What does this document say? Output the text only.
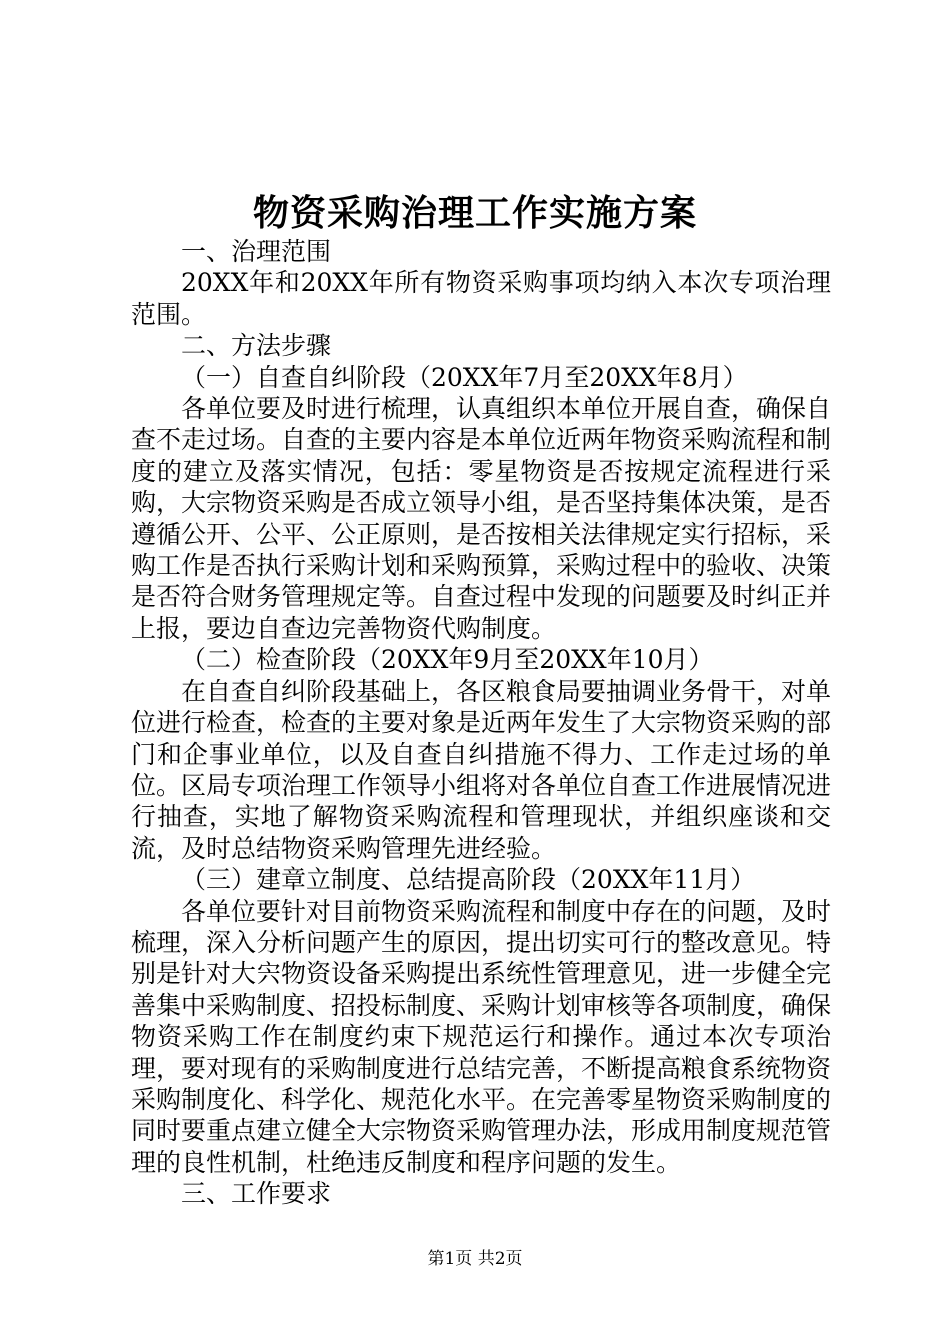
物资采购治理工作实施方案

一、治理范围

20XX年和20XX年所有物资采购事项均纳入本次专项治理范围。

二、方法步骤

（一）自查自纠阶段（20XX年7月至20XX年8月）

各单位要及时进行梳理，认真组织本单位开展自查，确保自查不走过场。自查的主要内容是本单位近两年物资采购流程和制度的建立及落实情况，包括：零星物资是否按规定流程进行采购，大宗物资采购是否成立领导小组，是否坚持集体决策，是否遵循公开、公平、公正原则，是否按相关法律规定实行招标，采购工作是否执行采购计划和采购预算，采购过程中的验收、决策是否符合财务管理规定等。自查过程中发现的问题要及时纠正并上报，要边自查边完善物资代购制度。

（二）检查阶段（20XX年9月至20XX年10月）

在自查自纠阶段基础上，各区粮食局要抽调业务骨干，对单位进行检查，检查的主要对象是近两年发生了大宗物资采购的部门和企事业单位，以及自查自纠措施不得力、工作走过场的单位。区局专项治理工作领导小组将对各单位自查工作进展情况进行抽查，实地了解物资采购流程和管理现状，并组织座谈和交流，及时总结物资采购管理先进经验。

（三）建章立制度、总结提高阶段（20XX年11月）

各单位要针对目前物资采购流程和制度中存在的问题，及时梳理，深入分析问题产生的原因，提出切实可行的整改意见。特别是针对大宍物资设备采购提出系统性管理意见，进一步健全完善集中采购制度、招投标制度、采购计划审核等各项制度，确保物资采购工作在制度约束下规范运行和操作。通过本次专项治理，要对现有的采购制度进行总结完善，不断提高粮食系统物资采购制度化、科学化、规范化水平。在完善零星物资采购制度的同时要重点建立健全大宗物资采购管理办法，形成用制度规范管理的良性机制，杜绝违反制度和程序问题的发生。

三、工作要求

第1页 共2页
